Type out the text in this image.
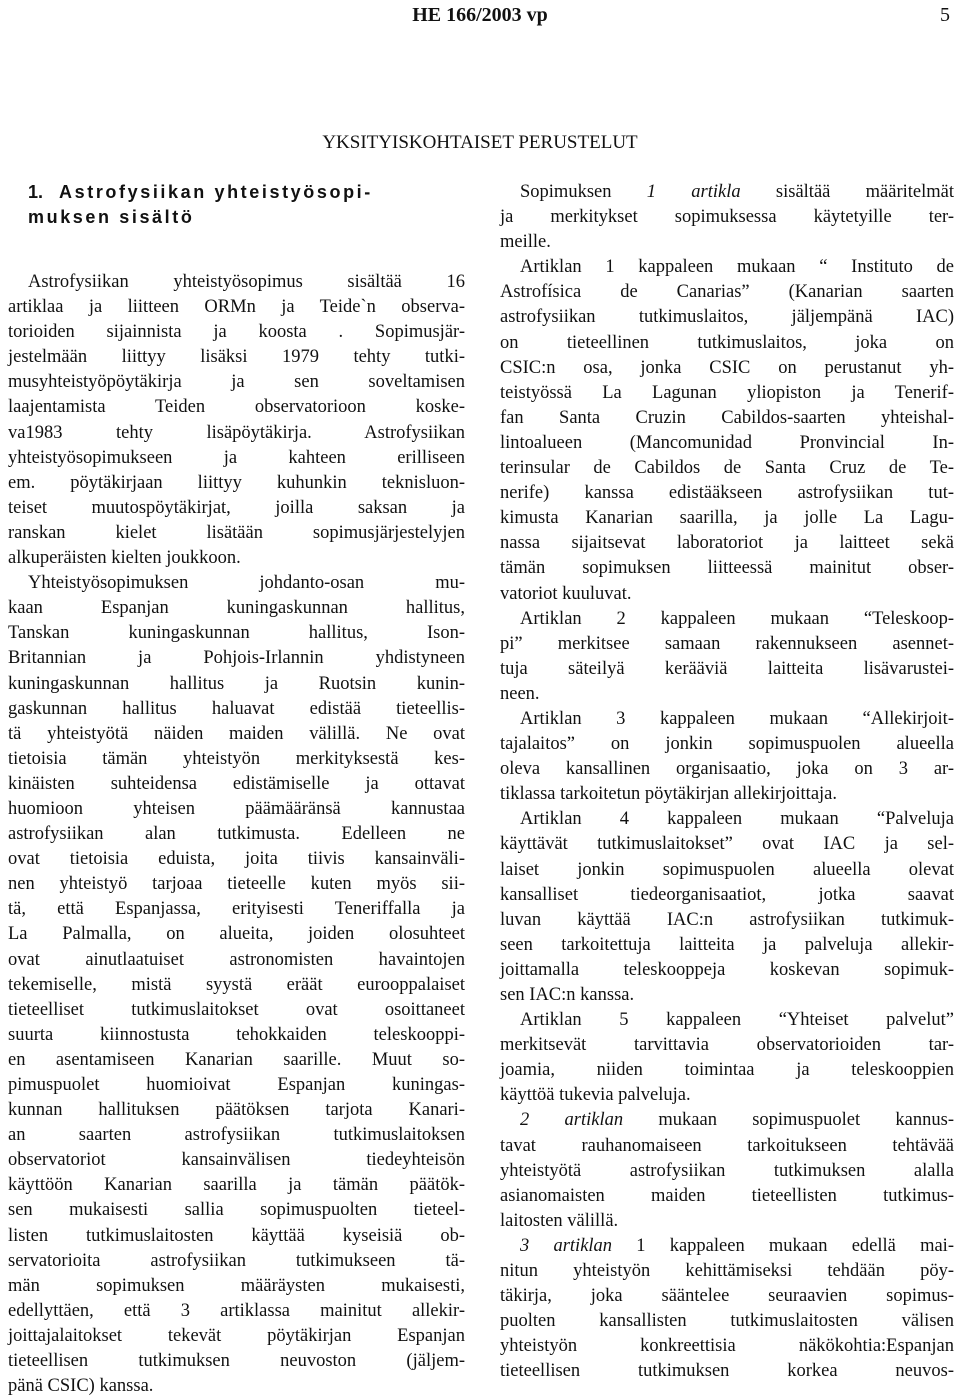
HE 166/2003 vp	5
YKSITYISKOHTAISET PERUSTELUT
1. Astrofysiikan yhteistyösopi-
muksen sisältö
Astrofysiikan yhteistyösopimus sisältää 16
artiklaa ja liitteen ORMn ja Teide`n observa-
torioiden sijainnista ja koosta . Sopimusjär-
jestelmään liittyy lisäksi 1979 tehty tutki-
musyhteistyöpöytäkirja ja sen soveltamisen
laajentamista Teiden observatorioon koske-
va1983 tehty lisäpöytäkirja. Astrofysiikan
yhteistyösopimukseen ja kahteen erilliseen
em. pöytäkirjaan liittyy kuhunkin teknisluon-
teiset muutospöytäkirjat, joilla saksan ja
ranskan kielet lisätään sopimusjärjestelyjen
alkuperäisten kielten joukkoon.
Yhteistyösopimuksen johdanto-osan mu-
kaan Espanjan kuningaskunnan hallitus,
Tanskan kuningaskunnan hallitus, Ison-
Britannian ja Pohjois-Irlannin yhdistyneen
kuningaskunnan hallitus ja Ruotsin kunin-
gaskunnan hallitus haluavat edistää tieteellis-
tä yhteistyötä näiden maiden välillä. Ne ovat
tietoisia tämän yhteistyön merkityksestä kes-
kinäisten suhteidensa edistämiselle ja ottavat
huomioon yhteisen päämääränsä kannustaa
astrofysiikan alan tutkimusta. Edelleen ne
ovat tietoisia eduista, joita tiivis kansainväli-
nen yhteistyö tarjoaa tieteelle kuten myös sii-
tä, että Espanjassa, erityisesti Teneriffalla ja
La Palmalla, on alueita, joiden olosuhteet
ovat ainutlaatuiset astronomisten havaintojen
tekemiselle, mistä syystä eräät eurooppalaiset
tieteelliset tutkimuslaitokset ovat osoittaneet
suurta kiinnostusta tehokkaiden teleskooppi-
en asentamiseen Kanarian saarille. Muut so-
pimuspuolet huomioivat Espanjan kuningas-
kunnan hallituksen päätöksen tarjota Kanari-
an saarten astrofysiikan tutkimuslaitoksen
observatoriot kansainvälisen tiedeyhteisön
käyttöön Kanarian saarilla ja tämän päätök-
sen mukaisesti sallia sopimuspuolten tieteel-
listen tutkimuslaitosten käyttää kyseisiä ob-
servatorioita astrofysiikan tutkimukseen tä-
män sopimuksen määräysten mukaisesti,
edellyttäen, että 3 artiklassa mainitut allekir-
joittajalaitokset tekevät pöytäkirjan Espanjan
tieteellisen tutkimuksen neuvoston (jäljem-
pänä CSIC) kanssa.
Sopimuksen 1 artikla sisältää määritelmät
ja merkitykset sopimuksessa käytetyille ter-
meille.
Artiklan 1 kappaleen mukaan “ Instituto de
Astrofísica de Canarias” (Kanarian saarten
astrofysiikan tutkimuslaitos, jäljempänä IAC)
on tieteellinen tutkimuslaitos, joka on
CSIC:n osa, jonka CSIC on perustanut yh-
teistyössä La Lagunan yliopiston ja Tenerif-
fan Santa Cruzin Cabildos-saarten yhteishal-
lintoalueen (Mancomunidad Pronvincial In-
terinsular de Cabildos de Santa Cruz de Te-
nerife) kanssa edistääkseen astrofysiikan tut-
kimusta Kanarian saarilla, ja jolle La Lagu-
nassa sijaitsevat laboratoriot ja laitteet sekä
tämän sopimuksen liitteessä mainitut obser-
vatoriot kuuluvat.
Artiklan 2 kappaleen mukaan “Teleskoop-
pi” merkitsee samaan rakennukseen asennet-
tuja säteilyä kerääviä laitteita lisävarustei-
neen.
Artiklan 3 kappaleen mukaan “Allekirjoit-
tajalaitos” on jonkin sopimuspuolen alueella
oleva kansallinen organisaatio, joka on 3 ar-
tiklassa tarkoitetun pöytäkirjan allekirjoittaja.
Artiklan 4 kappaleen mukaan “Palveluja
käyttävät tutkimuslaitokset” ovat IAC ja sel-
laiset jonkin sopimuspuolen alueella olevat
kansalliset tiedeorganisaatiot, jotka saavat
luvan käyttää IAC:n astrofysiikan tutkimuk-
seen tarkoitettuja laitteita ja palveluja allekir-
joittamalla teleskooppeja koskevan sopimuk-
sen IAC:n kanssa.
Artiklan 5 kappaleen “Yhteiset palvelut”
merkitsevät tarvittavia observatorioiden tar-
joamia, niiden toimintaa ja teleskooppien
käyttöä tukevia palveluja.
2 artiklan mukaan sopimuspuolet kannus-
tavat rauhanomaiseen tarkoitukseen tehtävää
yhteistyötä astrofysiikan tutkimuksen alalla
asianomaisten maiden tieteellisten tutkimus-
laitosten välillä.
3 artiklan 1 kappaleen mukaan edellä mai-
nitun yhteistyön kehittämiseksi tehdään pöy-
täkirja, joka sääntelee seuraavien sopimus-
puolten kansallisten tutkimuslaitosten välisen
yhteistyön konkreettisia näkökohtia:Espanjan
tieteellisen tutkimuksen korkea neuvos-
